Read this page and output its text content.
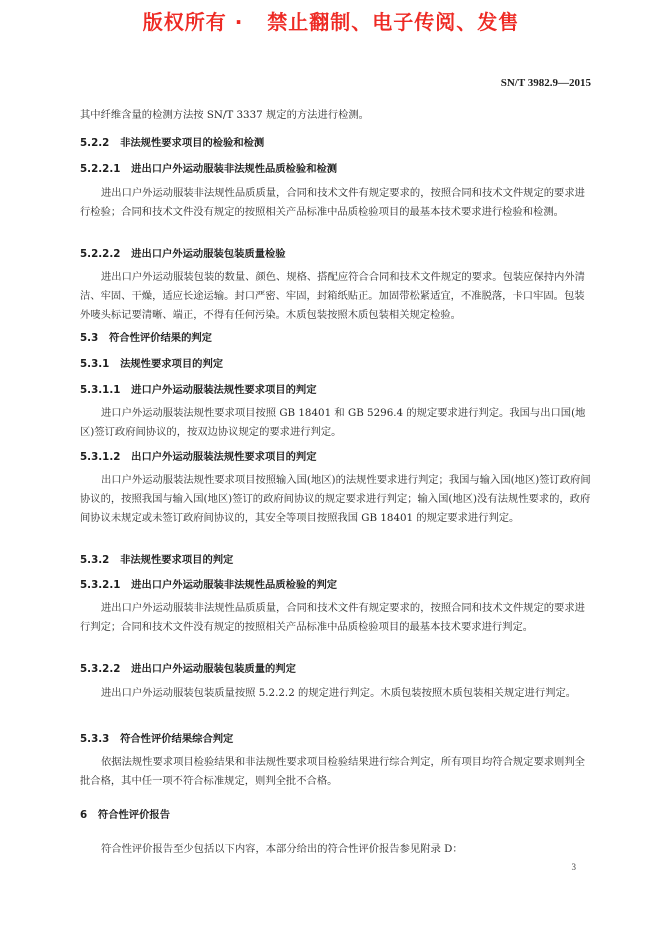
版权所有 ·   禁止翻制、电子传阅、发售
SN/T 3982.9—2015

其中纤维含量的检测方法按 SN/T 3337 规定的方法进行检测。

5.2.2   非法规性要求项目的检验和检测

5.2.2.1   进出口户外运动服装非法规性品质检验和检测

进出口户外运动服装非法规性品质质量，合同和技术文件有规定要求的，按照合同和技术文件规定的要求进行检验；合同和技术文件没有规定的按照相关产品标准中品质检验项目的最基本技术要求进行检验和检测。

5.2.2.2   进出口户外运动服装包装质量检验

进出口户外运动服装包装的数量、颜色、规格、搭配应符合合同和技术文件规定的要求。包装应保持内外清洁、牢固、干燥，适应长途运输。封口严密、牢固，封箱纸贴正。加固带松紧适宜，不准脱落，卡口牢固。包装外唛头标记要清晰、端正，不得有任何污染。木质包装按照木质包装相关规定检验。

5.3   符合性评价结果的判定

5.3.1   法规性要求项目的判定

5.3.1.1   进口户外运动服装法规性要求项目的判定

进口户外运动服装法规性要求项目按照 GB 18401 和 GB 5296.4 的规定要求进行判定。我国与出口国(地区)签订政府间协议的，按双边协议规定的要求进行判定。

5.3.1.2   出口户外运动服装法规性要求项目的判定

出口户外运动服装法规性要求项目按照输入国(地区)的法规性要求进行判定；我国与输入国(地区)签订政府间协议的，按照我国与输入国(地区)签订的政府间协议的规定要求进行判定；输入国(地区)没有法规性要求的，政府间协议未规定或未签订政府间协议的，其安全等项目按照我国 GB 18401 的规定要求进行判定。

5.3.2   非法规性要求项目的判定

5.3.2.1   进出口户外运动服装非法规性品质检验的判定

进出口户外运动服装非法规性品质质量，合同和技术文件有规定要求的，按照合同和技术文件规定的要求进行判定；合同和技术文件没有规定的按照相关产品标准中品质检验项目的最基本技术要求进行判定。

5.3.2.2   进出口户外运动服装包装质量的判定

进出口户外运动服装包装质量按照 5.2.2.2 的规定进行判定。木质包装按照木质包装相关规定进行判定。

5.3.3   符合性评价结果综合判定

依据法规性要求项目检验结果和非法规性要求项目检验结果进行综合判定，所有项目均符合规定要求则判全批合格，其中任一项不符合标准规定，则判全批不合格。

6   符合性评价报告

符合性评价报告至少包括以下内容，本部分给出的符合性评价报告参见附录 D：

3
